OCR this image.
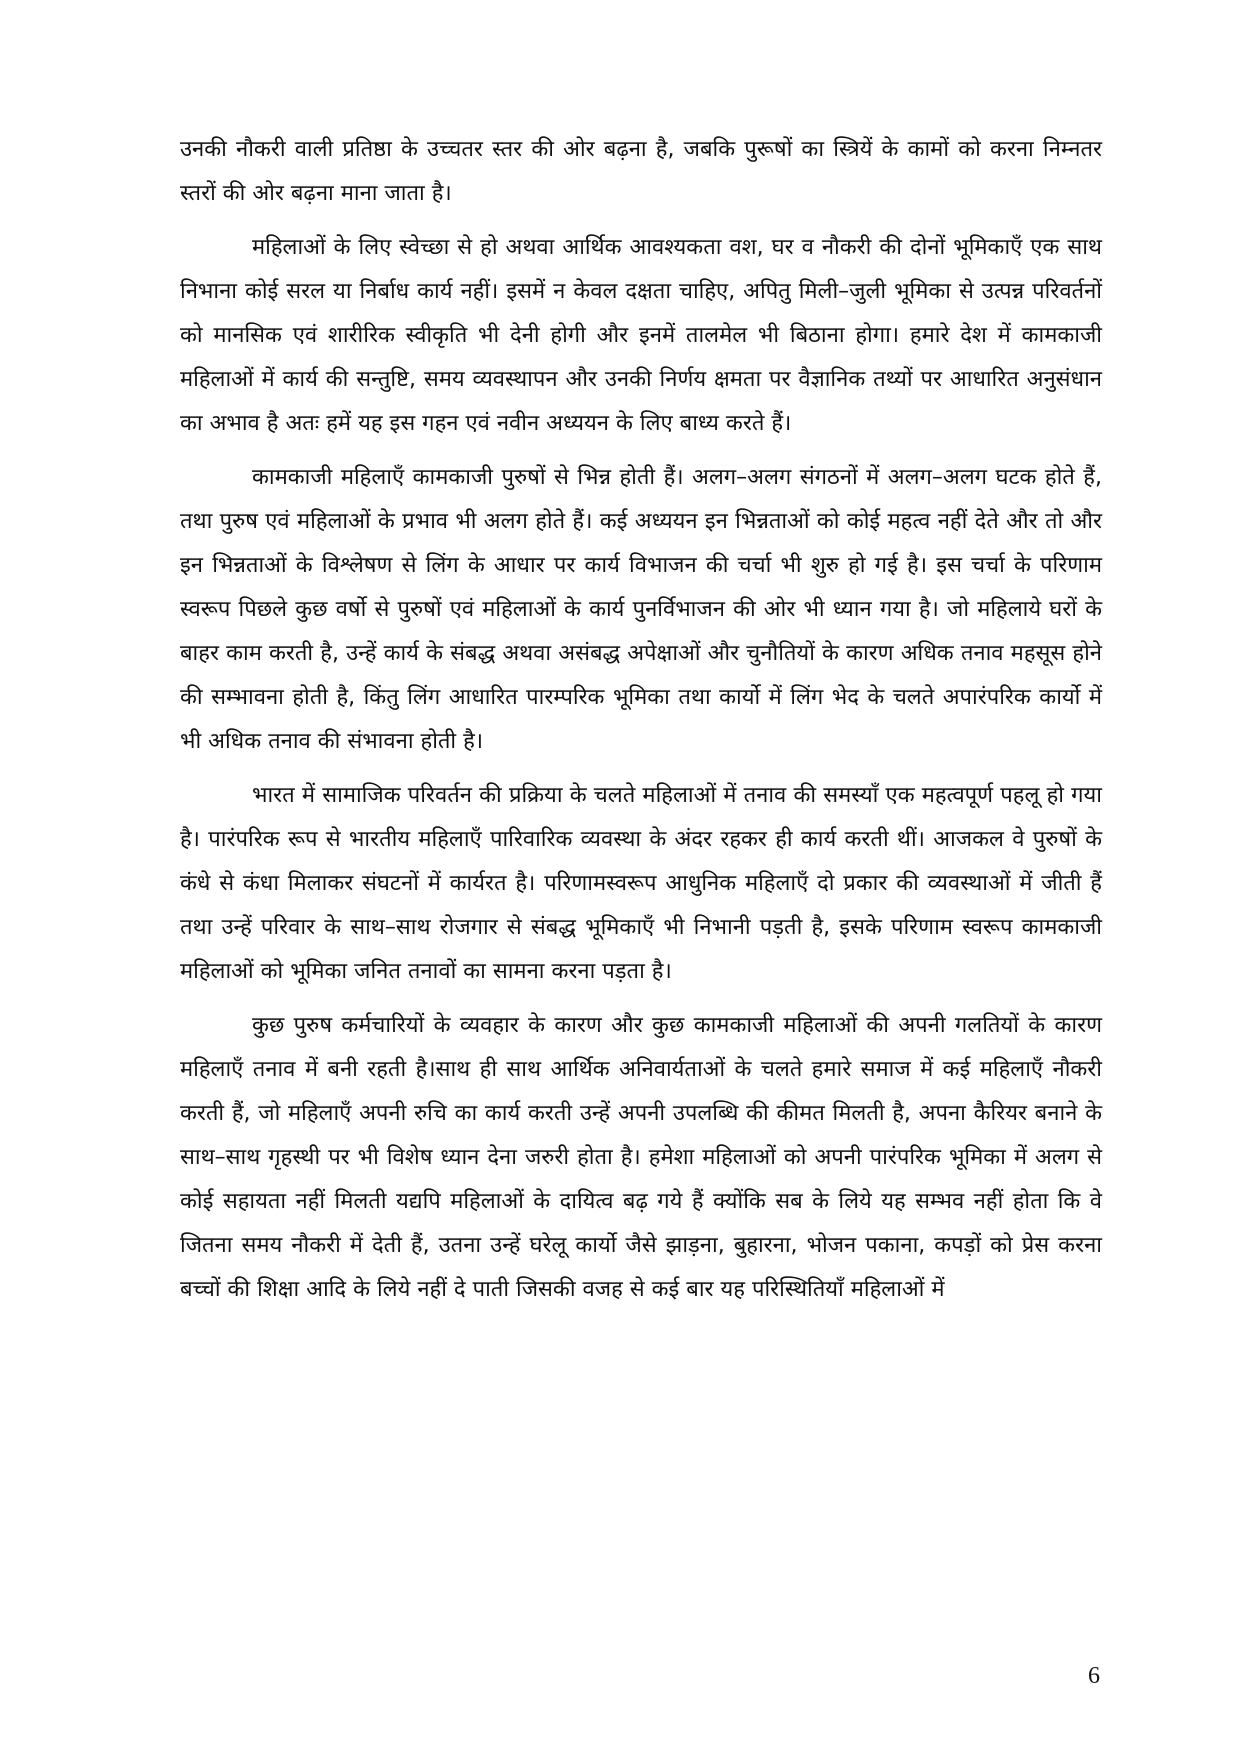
उनकी नौकरी वाली प्रतिष्ठा के उच्चतर स्तर की ओर बढ़ना है, जबकि पुरूषों का स्त्रियें के कामों को करना निम्नतर स्तरों की ओर बढ़ना माना जाता है।

महिलाओं के लिए स्वेच्छा से हो अथवा आर्थिक आवश्यकता वश, घर व नौकरी की दोनों भूमिकाएँ एक साथ निभाना कोई सरल या निर्बाध कार्य नहीं। इसमें न केवल दक्षता चाहिए, अपितु मिली–जुली भूमिका से उत्पन्न परिवर्तनों को मानसिक एवं शारीरिक स्वीकृति भी देनी होगी और इनमें तालमेल भी बिठाना होगा। हमारे देश में कामकाजी महिलाओं में कार्य की सन्तुष्टि, समय व्यवस्थापन और उनकी निर्णय क्षमता पर वैज्ञानिक तथ्यों पर आधारित अनुसंधान का अभाव है अतः हमें यह इस गहन एवं नवीन अध्ययन के लिए बाध्य करते हैं।

कामकाजी महिलाएँ कामकाजी पुरुषों से भिन्न होती हैं। अलग–अलग संगठनों में अलग–अलग घटक होते हैं, तथा पुरुष एवं महिलाओं के प्रभाव भी अलग होते हैं। कई अध्ययन इन भिन्नताओं को कोई महत्व नहीं देते और तो और इन भिन्नताओं के विश्लेषण से लिंग के आधार पर कार्य विभाजन की चर्चा भी शुरु हो गई है। इस चर्चा के परिणाम स्वरूप पिछले कुछ वर्षो से पुरुषों एवं महिलाओं के कार्य पुनर्विभाजन की ओर भी ध्यान गया है। जो महिलाये घरों के बाहर काम करती है, उन्हें कार्य के संबद्ध अथवा असंबद्ध अपेक्षाओं और चुनौतियों के कारण अधिक तनाव महसूस होने की सम्भावना होती है, किंतु लिंग आधारित पारम्परिक भूमिका तथा कार्यो में लिंग भेद के चलते अपारंपरिक कार्यो में भी अधिक तनाव की संभावना होती है।

भारत में सामाजिक परिवर्तन की प्रक्रिया के चलते महिलाओं में तनाव की समस्याँ एक महत्वपूर्ण पहलू हो गया है। पारंपरिक रूप से भारतीय महिलाएँ पारिवारिक व्यवस्था के अंदर रहकर ही कार्य करती थीं। आजकल वे पुरुषों के कंधे से कंधा मिलाकर संघटनों में कार्यरत है। परिणामस्वरूप आधुनिक महिलाएँ दो प्रकार की व्यवस्थाओं में जीती हैं तथा उन्हें परिवार के साथ–साथ रोजगार से संबद्ध भूमिकाएँ भी निभानी पड़ती है, इसके परिणाम स्वरूप कामकाजी महिलाओं को भूमिका जनित तनावों का सामना करना पड़ता है।

कुछ पुरुष कर्मचारियों के व्यवहार के कारण और कुछ कामकाजी महिलाओं की अपनी गलतियों के कारण महिलाएँ तनाव में बनी रहती है।साथ ही साथ आर्थिक अनिवार्यताओं के चलते हमारे समाज में कई महिलाएँ नौकरी करती हैं, जो महिलाएँ अपनी रुचि का कार्य करती उन्हें अपनी उपलब्धि की कीमत मिलती है, अपना कैरियर बनाने के साथ–साथ गृहस्थी पर भी विशेष ध्यान देना जरुरी होता है। हमेशा महिलाओं को अपनी पारंपरिक भूमिका में अलग से कोई सहायता नहीं मिलती यद्यपि महिलाओं के दायित्व बढ़ गये हैं क्योंकि सब के लिये यह सम्भव नहीं होता कि वे जितना समय नौकरी में देती हैं, उतना उन्हें घरेलू कार्यो जैसे झाड़ना, बुहारना, भोजन पकाना, कपड़ों को प्रेस करना बच्चों की शिक्षा आदि के लिये नहीं दे पाती जिसकी वजह से कई बार यह परिस्थितियाँ महिलाओं में

6
